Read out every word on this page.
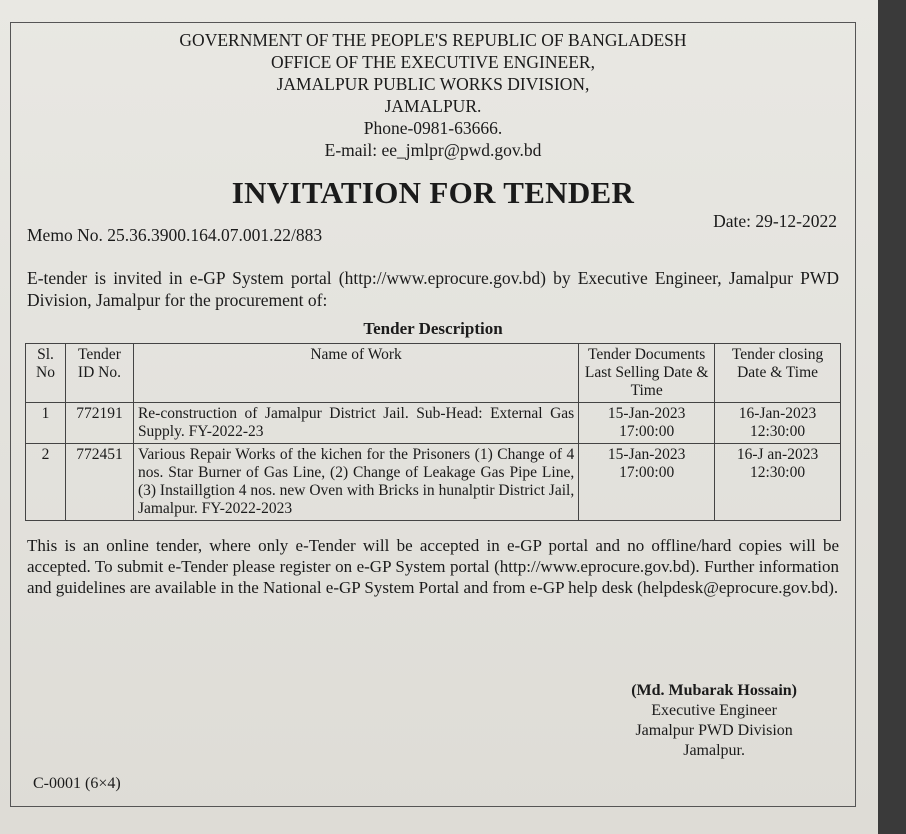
GOVERNMENT OF THE PEOPLE'S REPUBLIC OF BANGLADESH
OFFICE OF THE EXECUTIVE ENGINEER,
JAMALPUR PUBLIC WORKS DIVISION,
JAMALPUR.
Phone-0981-63666.
E-mail: ee_jmlpr@pwd.gov.bd
INVITATION FOR TENDER
Memo No. 25.36.3900.164.07.001.22/883
Date: 29-12-2022
E-tender is invited in e-GP System portal (http://www.eprocure.gov.bd) by Executive Engineer, Jamalpur PWD Division, Jamalpur for the procurement of:
Tender Description
Sl. No	Tender ID No.	Name of Work	Tender Documents Last Selling Date & Time	Tender closing Date & Time
1	772191	Re-construction of Jamalpur District Jail. Sub-Head: External Gas Supply. FY-2022-23	15-Jan-2023 17:00:00	16-Jan-2023 12:30:00
2	772451	Various Repair Works of the kichen for the Prisoners (1) Change of 4 nos. Star Burner of Gas Line, (2) Change of Leakage Gas Pipe Line, (3) Instaillgtion 4 nos. new Oven with Bricks in hunalptir District Jail, Jamalpur. FY-2022-2023	15-Jan-2023 17:00:00	16-J an-2023 12:30:00
This is an online tender, where only e-Tender will be accepted in e-GP portal and no offline/hard copies will be accepted. To submit e-Tender please register on e-GP System portal (http://www.eprocure.gov.bd). Further information and guidelines are available in the National e-GP System Portal and from e-GP help desk (helpdesk@eprocure.gov.bd).
(Md. Mubarak Hossain)
Executive Engineer
Jamalpur PWD Division
Jamalpur.
C-0001 (6×4)
